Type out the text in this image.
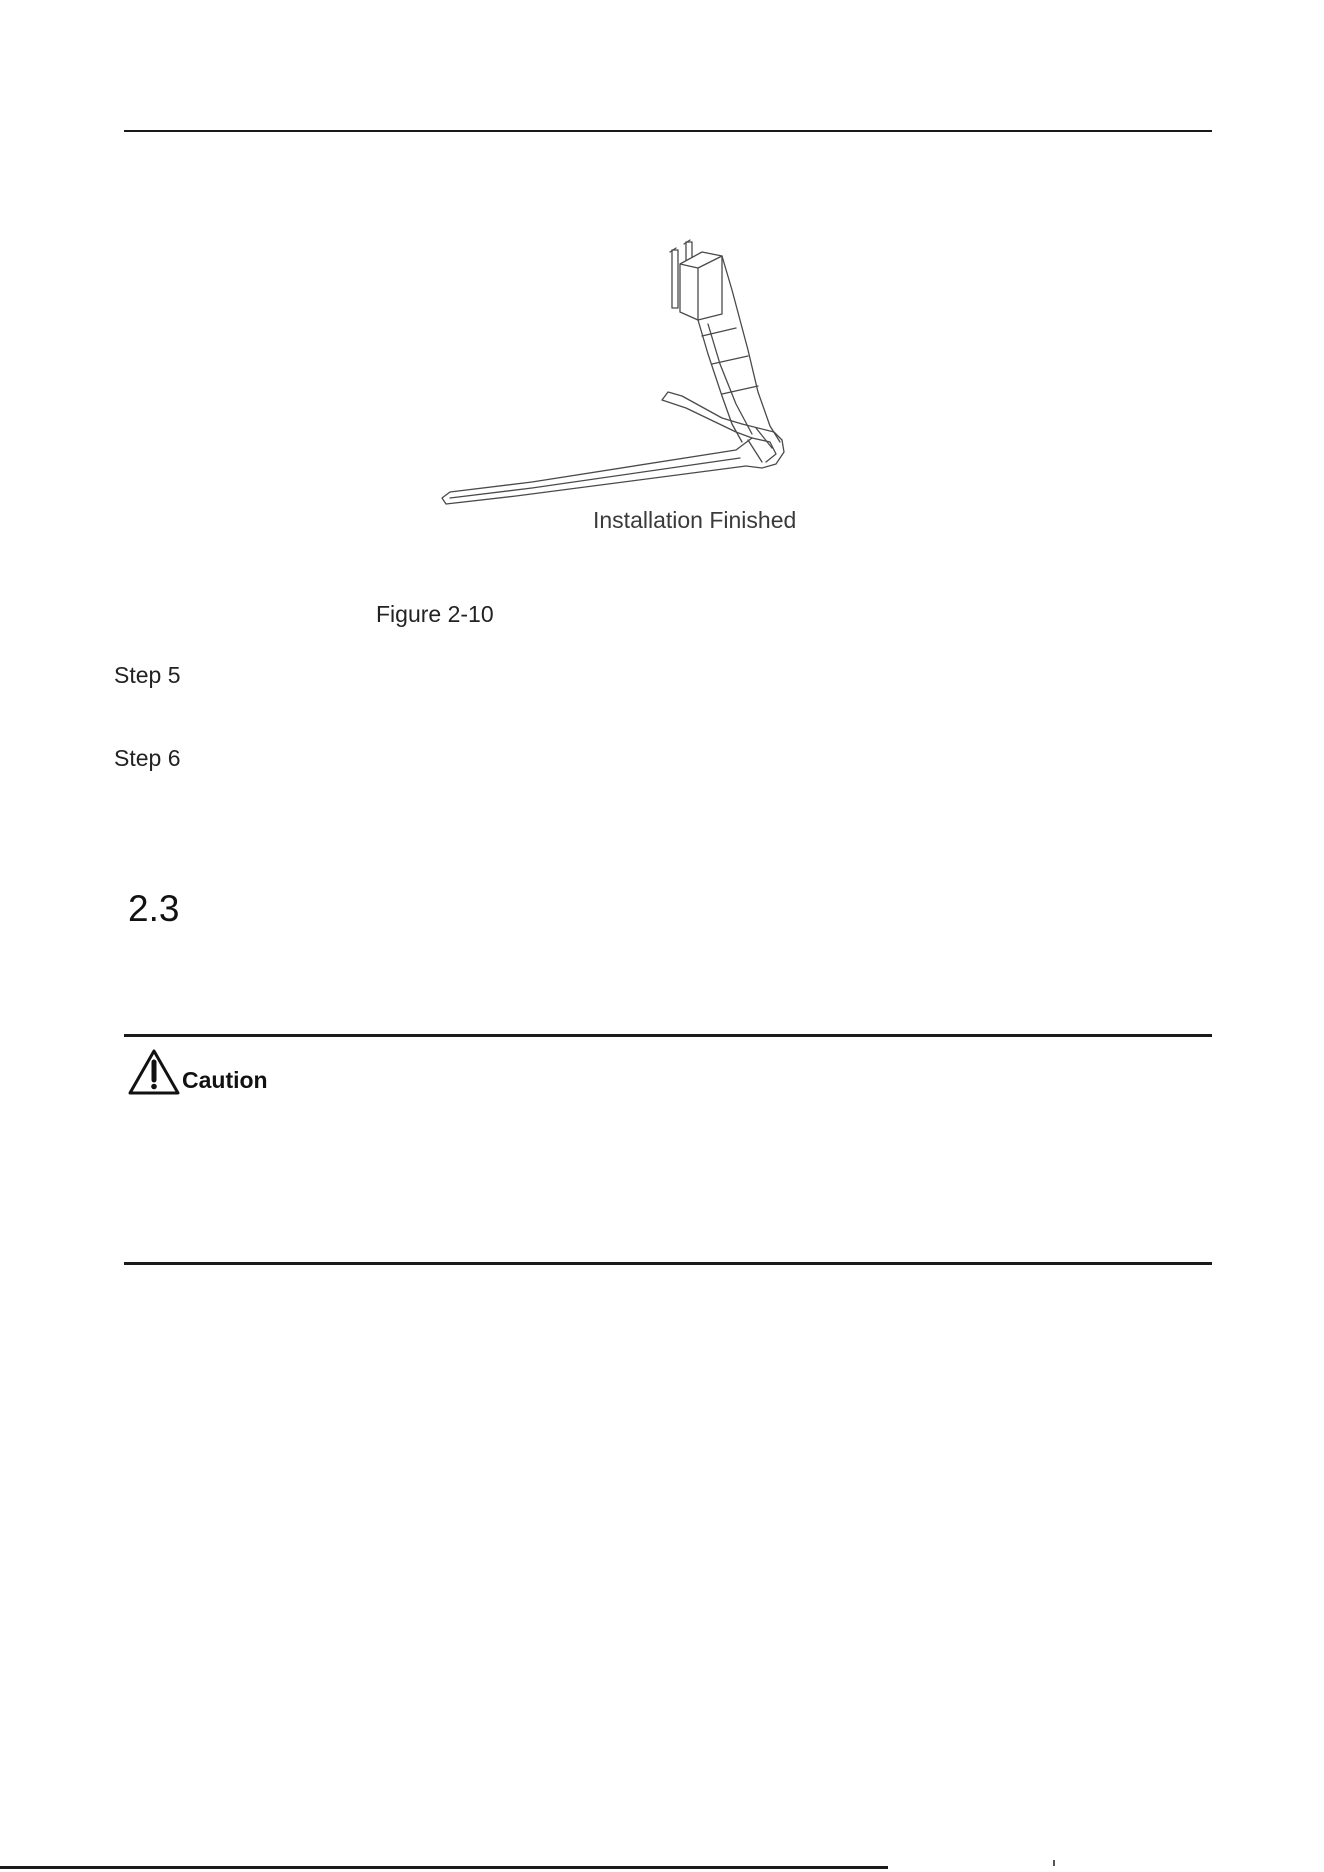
Installation Finished
Figure 2-10
Step 5
Step 6
2.3
Caution
